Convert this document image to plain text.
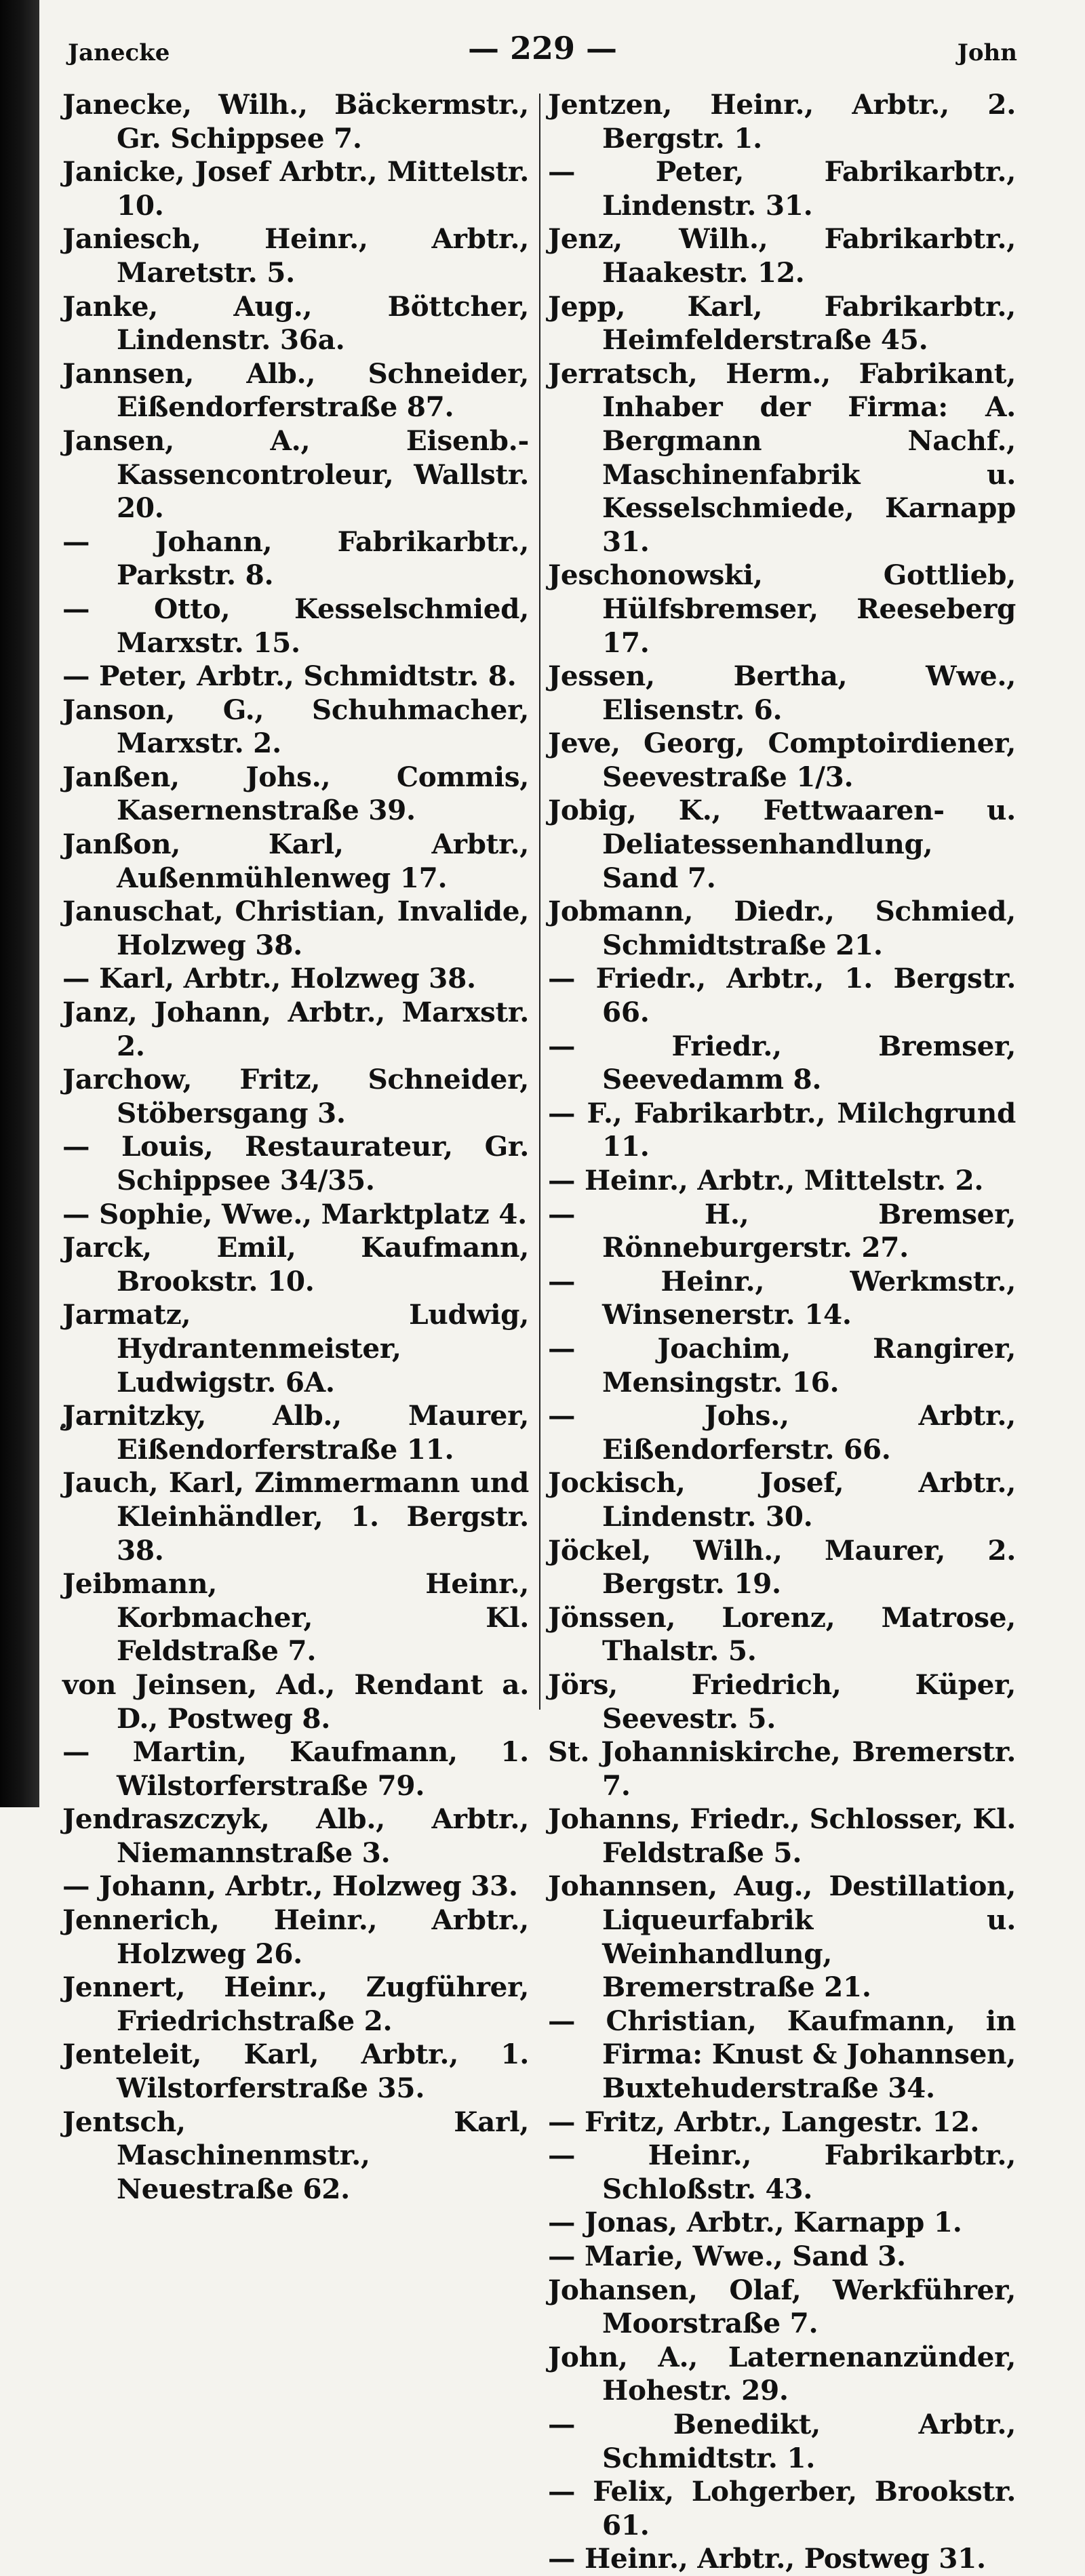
Janecke	— 229 —	John

Janecke, Wilh., Bäckermstr., Gr. Schippsee 7.

Janicke, Josef Arbtr., Mittelstr. 10.

Janiesch, Heinr., Arbtr., Maretstr. 5.

Janke, Aug., Böttcher, Lindenstr. 36a.

Jannsen, Alb., Schneider, Eißendorferstraße 87.

Jansen, A., Eisenb.-Kassencontroleur, Wallstr. 20.

— Johann, Fabrikarbtr., Parkstr. 8.

— Otto, Kesselschmied, Marxstr. 15.

— Peter, Arbtr., Schmidtstr. 8.

Janson, G., Schuhmacher, Marxstr. 2.

Janßen, Johs., Commis, Kasernenstraße 39.

Janßon, Karl, Arbtr., Außenmühlenweg 17.

Januschat, Christian, Invalide, Holzweg 38.

— Karl, Arbtr., Holzweg 38.

Janz, Johann, Arbtr., Marxstr. 2.

Jarchow, Fritz, Schneider, Stöbersgang 3.

— Louis, Restaurateur, Gr. Schippsee 34/35.

— Sophie, Wwe., Marktplatz 4.

Jarck, Emil, Kaufmann, Brookstr. 10.

Jarmatz, Ludwig, Hydrantenmeister, Ludwigstr. 6A.

Jarnitzky, Alb., Maurer, Eißendorferstraße 11.

Jauch, Karl, Zimmermann und Kleinhändler, 1. Bergstr. 38.

Jeibmann, Heinr., Korbmacher, Kl. Feldstraße 7.

von Jeinsen, Ad., Rendant a. D., Postweg 8.

— Martin, Kaufmann, 1. Wilstorferstraße 79.

Jendraszczyk, Alb., Arbtr., Niemannstraße 3.

— Johann, Arbtr., Holzweg 33.

Jennerich, Heinr., Arbtr., Holzweg 26.

Jennert, Heinr., Zugführer, Friedrichstraße 2.

Jenteleit, Karl, Arbtr., 1. Wilstorferstraße 35.

Jentsch, Karl, Maschinenmstr., Neuestraße 62.

Jentzen, Heinr., Arbtr., 2. Bergstr. 1.

— Peter, Fabrikarbtr., Lindenstr. 31.

Jenz, Wilh., Fabrikarbtr., Haakestr. 12.

Jepp, Karl, Fabrikarbtr., Heimfelderstraße 45.

Jerratsch, Herm., Fabrikant, Inhaber der Firma: A. Bergmann Nachf., Maschinenfabrik u. Kesselschmiede, Karnapp 31.

Jeschonowski, Gottlieb, Hülfsbremser, Reeseberg 17.

Jessen, Bertha, Wwe., Elisenstr. 6.

Jeve, Georg, Comptoirdiener, Seevestraße 1/3.

Jobig, K., Fettwaaren- u. Deliatessenhandlung, Sand 7.

Jobmann, Diedr., Schmied, Schmidtstraße 21.

— Friedr., Arbtr., 1. Bergstr. 66.

— Friedr., Bremser, Seevedamm 8.

— F., Fabrikarbtr., Milchgrund 11.

— Heinr., Arbtr., Mittelstr. 2.

— H., Bremser, Rönneburgerstr. 27.

— Heinr., Werkmstr., Winsenerstr. 14.

— Joachim, Rangirer, Mensingstr. 16.

— Johs., Arbtr., Eißendorferstr. 66.

Jockisch, Josef, Arbtr., Lindenstr. 30.

Jöckel, Wilh., Maurer, 2. Bergstr. 19.

Jönssen, Lorenz, Matrose, Thalstr. 5.

Jörs, Friedrich, Küper, Seevestr. 5.

St. Johanniskirche, Bremerstr. 7.

Johanns, Friedr., Schlosser, Kl. Feldstraße 5.

Johannsen, Aug., Destillation, Liqueurfabrik u. Weinhandlung, Bremerstraße 21.

— Christian, Kaufmann, in Firma: Knust & Johannsen, Buxtehuderstraße 34.

— Fritz, Arbtr., Langestr. 12.

— Heinr., Fabrikarbtr., Schloßstr. 43.

— Jonas, Arbtr., Karnapp 1.

— Marie, Wwe., Sand 3.

Johansen, Olaf, Werkführer, Moorstraße 7.

John, A., Laternenanzünder, Hohestr. 29.

— Benedikt, Arbtr., Schmidtstr. 1.

— Felix, Lohgerber, Brookstr. 61.

— Heinr., Arbtr., Postweg 31.
